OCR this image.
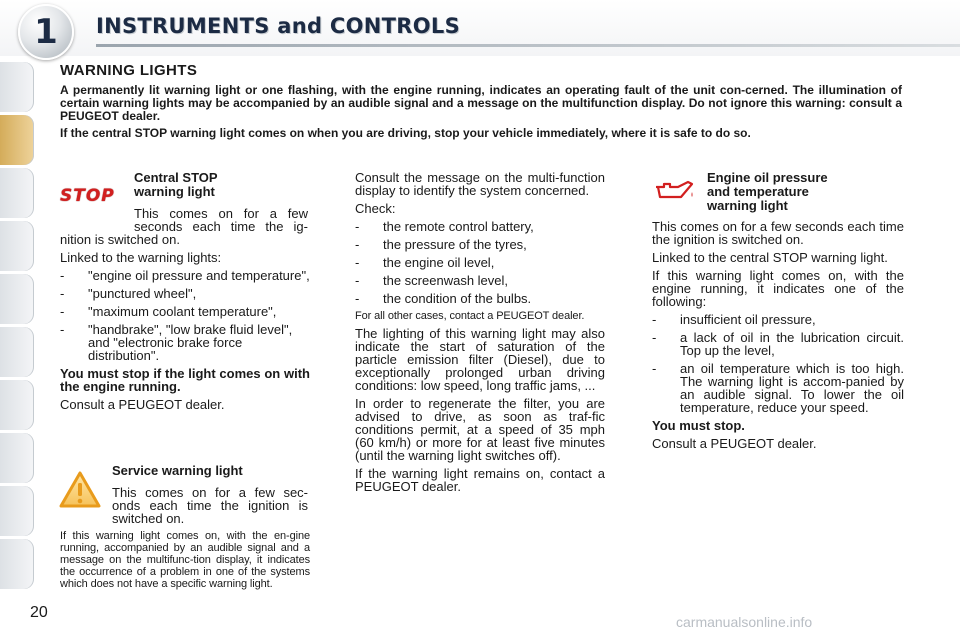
1	INSTRUMENTS and CONTROLS
WARNING LIGHTS

A permanently lit warning light or one flashing, with the engine running, indicates an operating fault of the unit con-cerned. The illumination of certain warning lights may be accompanied by an audible signal and a message on the multifunction display. Do not ignore this warning: consult a PEUGEOT dealer.

If the central STOP warning light comes on when you are driving, stop your vehicle immediately, where it is safe to do so.

STOP
Central STOP
warning light
This comes on for a few
seconds each time the ig-

nition is switched on.

Linked to the warning lights:

- "engine oil pressure and temperature",
- "punctured wheel",
- "maximum coolant temperature",
- "handbrake", "low brake fluid level", and "electronic brake force distribution".

You must stop if the light comes on with the engine running.

Consult a PEUGEOT dealer.

Service warning light
This comes on for a few sec-
onds each time the ignition is
switched on.

If this warning light comes on, with the en-gine running, accompanied by an audible signal and a message on the multifunc-tion display, it indicates the occurrence of a problem in one of the systems which does not have a specific warning light.

Consult the message on the multi-function display to identify the system concerned.

Check:

- the remote control battery,
- the pressure of the tyres,
- the engine oil level,
- the screenwash level,
- the condition of the bulbs.

For all other cases, contact a PEUGEOT dealer.

The lighting of this warning light may also indicate the start of saturation of the particle emission filter (Diesel), due to exceptionally prolonged urban driving conditions: low speed, long traffic jams, ...

In order to regenerate the filter, you are advised to drive, as soon as traf-fic conditions permit, at a speed of 35 mph (60 km/h) or more for at least five minutes (until the warning light switches off).

If the warning light remains on, contact a PEUGEOT dealer.

Engine oil pressure
and temperature
warning light

This comes on for a few seconds each time the ignition is switched on.

Linked to the central STOP warning light.

If this warning light comes on, with the engine running, it indicates one of the following:

- insufficient oil pressure,
- a lack of oil in the lubrication circuit. Top up the level,
- an oil temperature which is too high. The warning light is accom-panied by an audible signal. To lower the oil temperature, reduce your speed.

You must stop.

Consult a PEUGEOT dealer.

20
carmanualsonline.info
